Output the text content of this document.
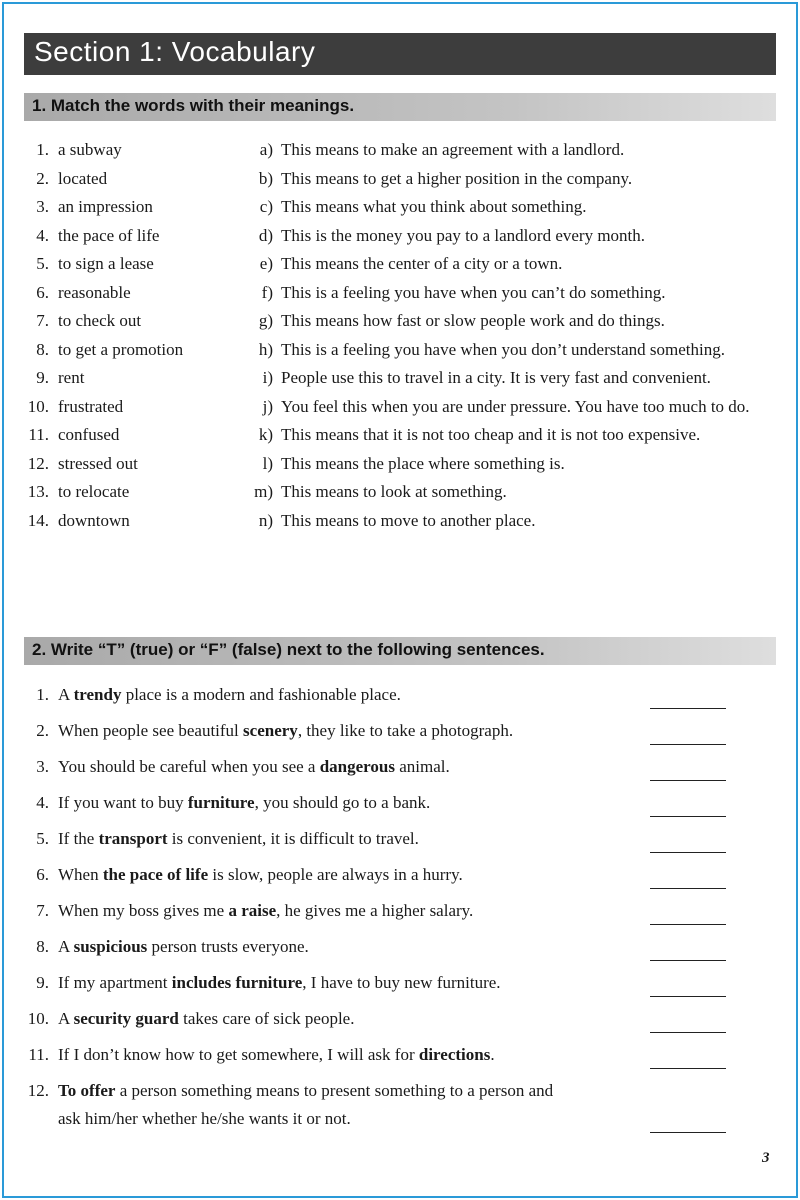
Section 1: Vocabulary
1. Match the words with their meanings.
1. a subway	a) This means to make an agreement with a landlord.
2. located	b) This means to get a higher position in the company.
3. an impression	c) This means what you think about something.
4. the pace of life	d) This is the money you pay to a landlord every month.
5. to sign a lease	e) This means the center of a city or a town.
6. reasonable	f) This is a feeling you have when you can’t do something.
7. to check out	g) This means how fast or slow people work and do things.
8. to get a promotion	h) This is a feeling you have when you don’t understand something.
9. rent	i) People use this to travel in a city. It is very fast and convenient.
10. frustrated	j) You feel this when you are under pressure. You have too much to do.
11. confused	k) This means that it is not too cheap and it is not too expensive.
12. stressed out	l) This means the place where something is.
13. to relocate	m) This means to look at something.
14. downtown	n) This means to move to another place.
2. Write “T” (true) or “F” (false) next to the following sentences.
1. A trendy place is a modern and fashionable place.
2. When people see beautiful scenery, they like to take a photograph.
3. You should be careful when you see a dangerous animal.
4. If you want to buy furniture, you should go to a bank.
5. If the transport is convenient, it is difficult to travel.
6. When the pace of life is slow, people are always in a hurry.
7. When my boss gives me a raise, he gives me a higher salary.
8. A suspicious person trusts everyone.
9. If my apartment includes furniture, I have to buy new furniture.
10. A security guard takes care of sick people.
11. If I don’t know how to get somewhere, I will ask for directions.
12. To offer a person something means to present something to a person and ask him/her whether he/she wants it or not.
3
